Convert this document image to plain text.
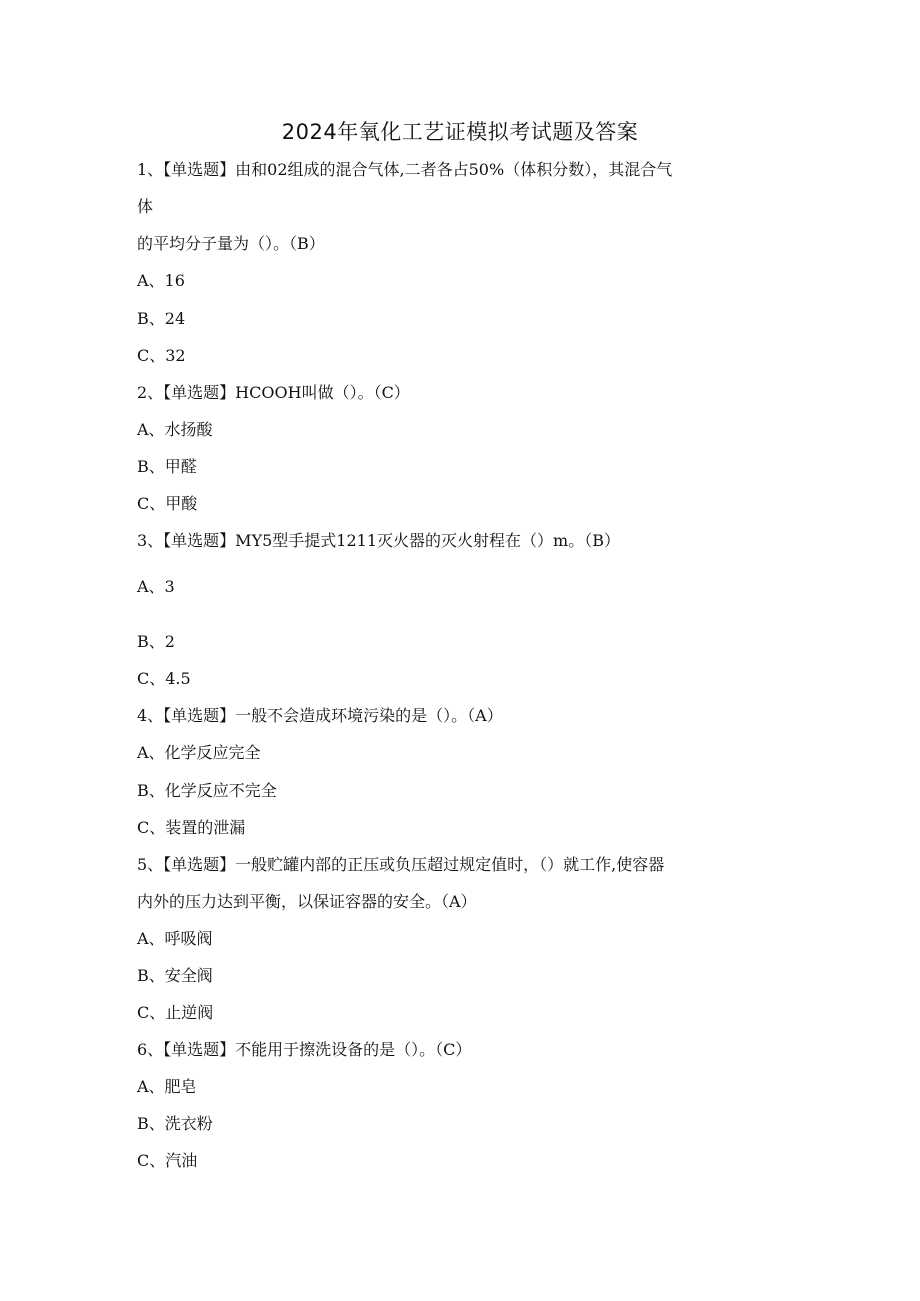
2024年氧化工艺证模拟考试题及答案
1、【单选题】由和02组成的混合气体,二者各占50%（体积分数），其混合气
体
的平均分子量为（）。（B）
A、16
B、24
C、32
2、【单选题】HCOOH叫做（）。（C）
A、水扬酸
B、甲醛
C、甲酸
3、【单选题】MY5型手提式1211灭火器的灭火射程在（）m。（B）
A、3
B、2
C、4.5
4、【单选题】一般不会造成环境污染的是（）。（A）
A、化学反应完全
B、化学反应不完全
C、装置的泄漏
5、【单选题】一般贮罐内部的正压或负压超过规定值时，（）就工作,使容器
内外的压力达到平衡，以保证容器的安全。（A）
A、呼吸阀
B、安全阀
C、止逆阀
6、【单选题】不能用于擦洗设备的是（）。（C）
A、肥皂
B、洗衣粉
C、汽油
